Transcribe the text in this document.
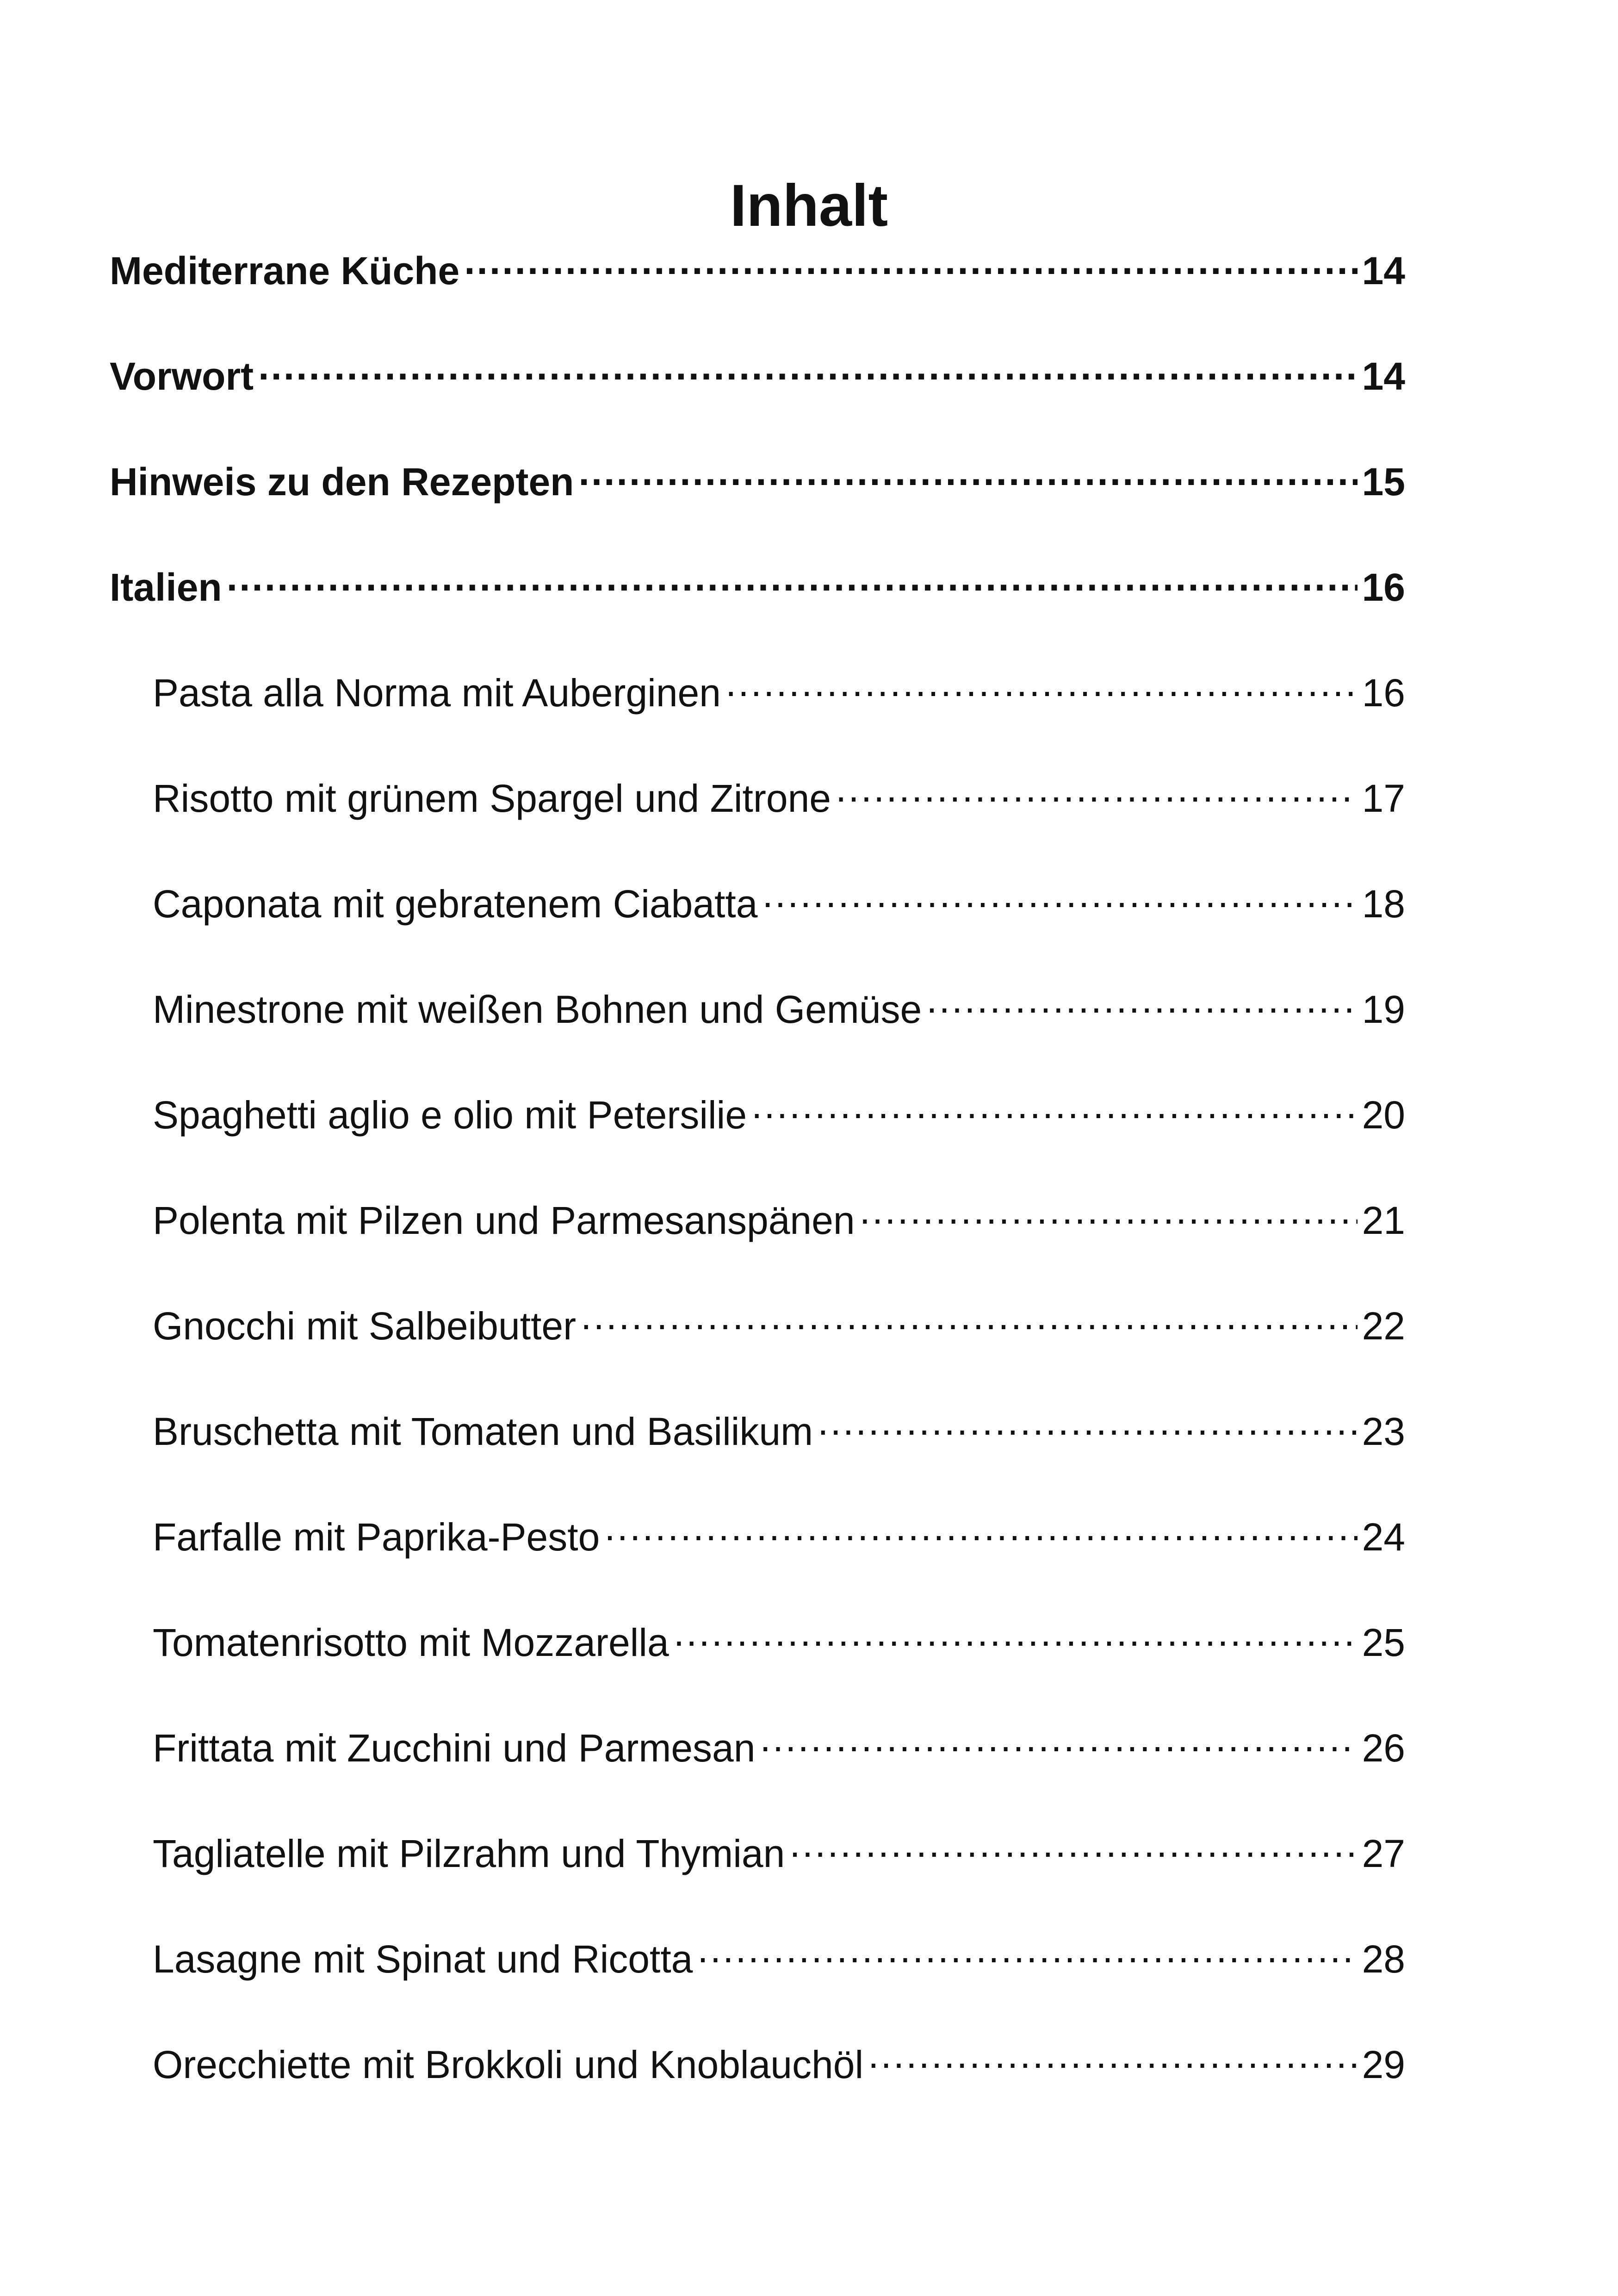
Inhalt
Mediterrane Küche .....	14
Vorwort .....	14
Hinweis zu den Rezepten .....	15
Italien .....	16
Pasta alla Norma mit Auberginen .....	16
Risotto mit grünem Spargel und Zitrone .....	17
Caponata mit gebratenem Ciabatta .....	18
Minestrone mit weißen Bohnen und Gemüse .....	19
Spaghetti aglio e olio mit Petersilie .....	20
Polenta mit Pilzen und Parmesanspänen .....	21
Gnocchi mit Salbeibutter .....	22
Bruschetta mit Tomaten und Basilikum .....	23
Farfalle mit Paprika-Pesto .....	24
Tomatenrisotto mit Mozzarella .....	25
Frittata mit Zucchini und Parmesan .....	26
Tagliatelle mit Pilzrahm und Thymian .....	27
Lasagne mit Spinat und Ricotta .....	28
Orecchiette mit Brokkoli und Knoblauchöl .....	29
